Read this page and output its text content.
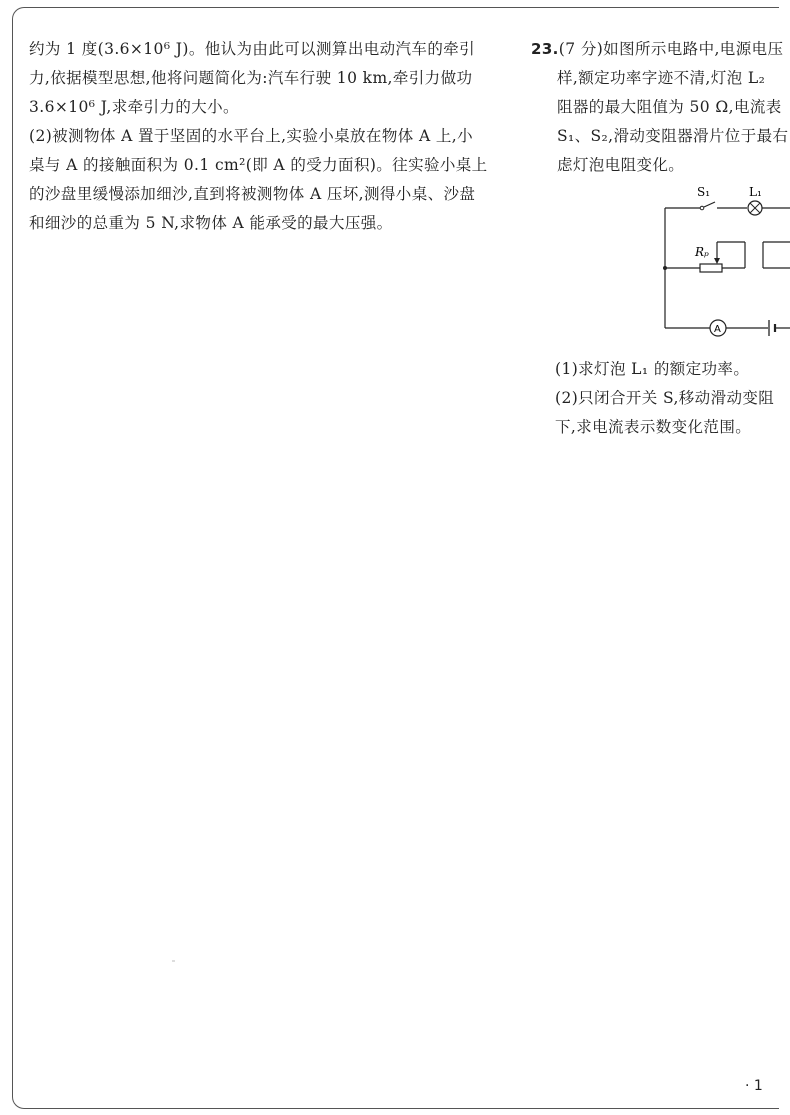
约为 1 度(3.6×10⁶ J)。他认为由此可以测算出电动汽车的牵引

力,依据模型思想,他将问题简化为:汽车行驶 10 km,牵引力做功

3.6×10⁶ J,求牵引力的大小。

(2)被测物体 A 置于坚固的水平台上,实验小桌放在物体 A 上,小

桌与 A 的接触面积为 0.1 cm²(即 A 的受力面积)。往实验小桌上

的沙盘里缓慢添加细沙,直到将被测物体 A 压坏,测得小桌、沙盘

和细沙的总重为 5 N,求物体 A 能承受的最大压强。

23.(7 分)如图所示电路中,电源电压

样,额定功率字迹不清,灯泡 L₂

阻器的最大阻值为 50 Ω,电流表

S₁、S₂,滑动变阻器滑片位于最右

虑灯泡电阻变化。

S₁	L₁
Rₚ
A

(1)求灯泡 L₁ 的额定功率。

(2)只闭合开关 S,移动滑动变阻

下,求电流表示数变化范围。

· 1
